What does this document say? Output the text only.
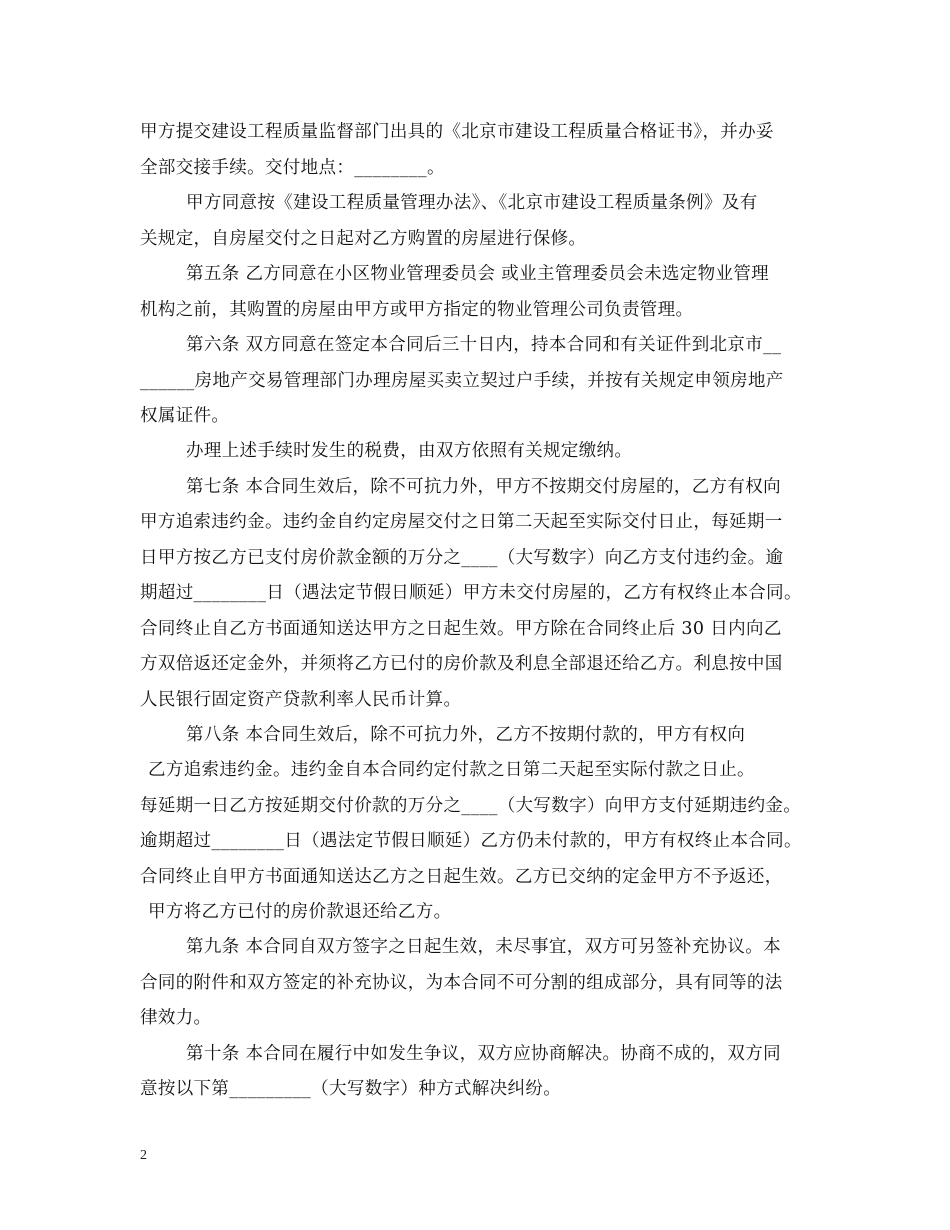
甲方提交建设工程质量监督部门出具的《北京市建设工程质量合格证书》，并办妥
全部交接手续。交付地点：________。
甲方同意按《建设工程质量管理办法》、《北京市建设工程质量条例》及有
关规定，自房屋交付之日起对乙方购置的房屋进行保修。
第五条 乙方同意在小区物业管理委员会 或业主管理委员会未选定物业管理
机构之前，其购置的房屋由甲方或甲方指定的物业管理公司负责管理。
第六条 双方同意在签定本合同后三十日内，持本合同和有关证件到北京市__
______房地产交易管理部门办理房屋买卖立契过户手续，并按有关规定申领房地产
权属证件。
办理上述手续时发生的税费，由双方依照有关规定缴纳。
第七条 本合同生效后，除不可抗力外，甲方不按期交付房屋的，乙方有权向
甲方追索违约金。违约金自约定房屋交付之日第二天起至实际交付日止，每延期一
日甲方按乙方已支付房价款金额的万分之____（大写数字）向乙方支付违约金。逾
期超过________日（遇法定节假日顺延）甲方未交付房屋的，乙方有权终止本合同。
合同终止自乙方书面通知送达甲方之日起生效。甲方除在合同终止后 30 日内向乙
方双倍返还定金外，并须将乙方已付的房价款及利息全部退还给乙方。利息按中国
人民银行固定资产贷款利率人民币计算。
第八条 本合同生效后，除不可抗力外，乙方不按期付款的，甲方有权向
乙方追索违约金。违约金自本合同约定付款之日第二天起至实际付款之日止。
每延期一日乙方按延期交付价款的万分之____（大写数字）向甲方支付延期违约金。
逾期超过________日（遇法定节假日顺延）乙方仍未付款的，甲方有权终止本合同。
合同终止自甲方书面通知送达乙方之日起生效。乙方已交纳的定金甲方不予返还，
甲方将乙方已付的房价款退还给乙方。
第九条 本合同自双方签字之日起生效，未尽事宜，双方可另签补充协议。本
合同的附件和双方签定的补充协议，为本合同不可分割的组成部分，具有同等的法
律效力。
第十条 本合同在履行中如发生争议，双方应协商解决。协商不成的，双方同
意按以下第_________（大写数字）种方式解决纠纷。
2
